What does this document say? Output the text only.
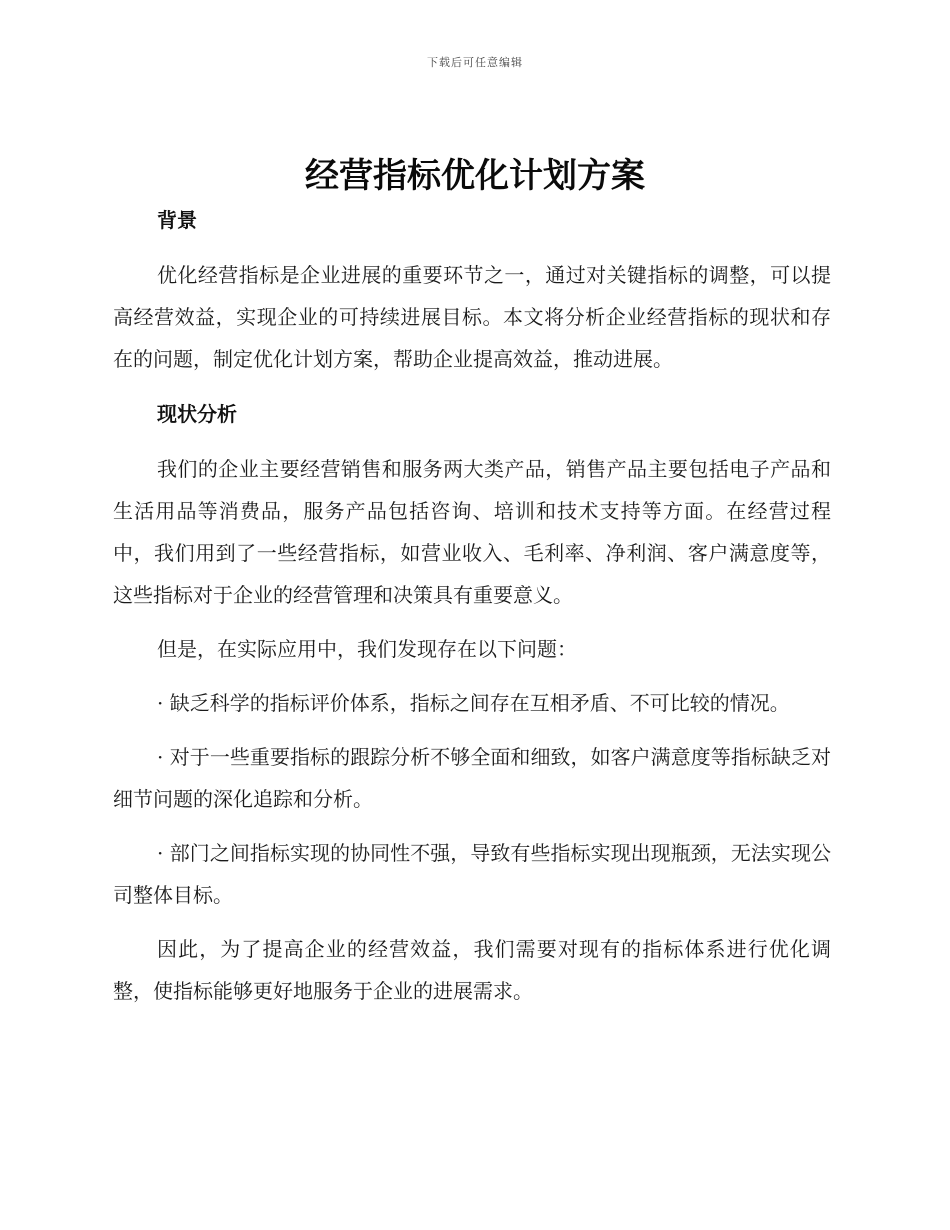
下载后可任意编辑
经营指标优化计划方案
背景

优化经营指标是企业进展的重要环节之一，通过对关键指标的调整，可以提高经营效益，实现企业的可持续进展目标。本文将分析企业经营指标的现状和存在的问题，制定优化计划方案，帮助企业提高效益，推动进展。

现状分析

我们的企业主要经营销售和服务两大类产品，销售产品主要包括电子产品和生活用品等消费品，服务产品包括咨询、培训和技术支持等方面。在经营过程中，我们用到了一些经营指标，如营业收入、毛利率、净利润、客户满意度等，这些指标对于企业的经营管理和决策具有重要意义。

但是，在实际应用中，我们发现存在以下问题：

· 缺乏科学的指标评价体系，指标之间存在互相矛盾、不可比较的情况。

· 对于一些重要指标的跟踪分析不够全面和细致，如客户满意度等指标缺乏对细节问题的深化追踪和分析。

· 部门之间指标实现的协同性不强，导致有些指标实现出现瓶颈，无法实现公司整体目标。

因此，为了提高企业的经营效益，我们需要对现有的指标体系进行优化调整，使指标能够更好地服务于企业的进展需求。
